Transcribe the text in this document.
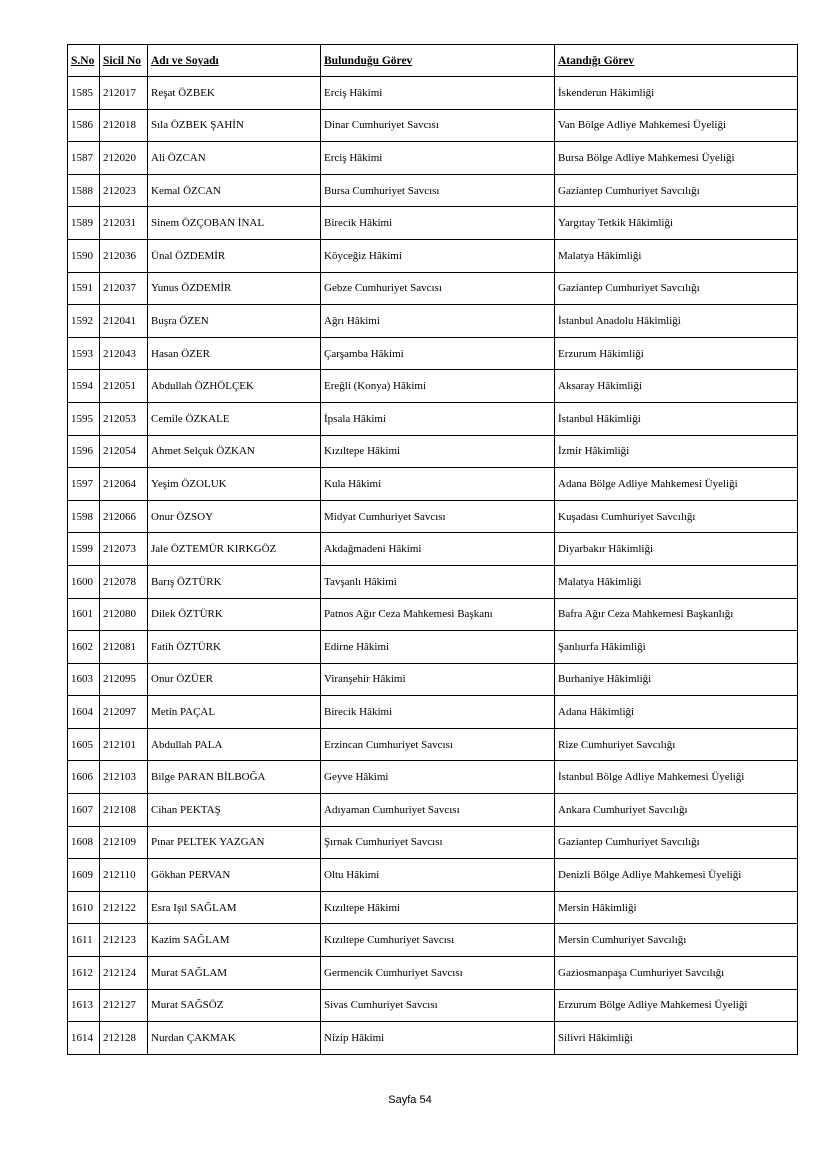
S.No	Sicil No	Adı ve Soyadı	Bulunduğu Görev	Atandığı Görev
1585	212017	Reşat ÖZBEK	Erciş Hâkimi	İskenderun Hâkimliği
1586	212018	Sıla ÖZBEK ŞAHİN	Dinar Cumhuriyet Savcısı	Van Bölge Adliye Mahkemesi Üyeliği
1587	212020	Ali ÖZCAN	Erciş Hâkimi	Bursa Bölge Adliye Mahkemesi Üyeliği
1588	212023	Kemal ÖZCAN	Bursa Cumhuriyet Savcısı	Gaziantep Cumhuriyet Savcılığı
1589	212031	Sinem ÖZÇOBAN İNAL	Birecik Hâkimi	Yargıtay Tetkik Hâkimliği
1590	212036	Ünal ÖZDEMİR	Köyceğiz Hâkimi	Malatya Hâkimliği
1591	212037	Yunus ÖZDEMİR	Gebze Cumhuriyet Savcısı	Gaziantep Cumhuriyet Savcılığı
1592	212041	Buşra ÖZEN	Ağrı Hâkimi	İstanbul Anadolu Hâkimliği
1593	212043	Hasan ÖZER	Çarşamba Hâkimi	Erzurum Hâkimliği
1594	212051	Abdullah ÖZHÖLÇEK	Ereğli (Konya) Hâkimi	Aksaray Hâkimliği
1595	212053	Cemile ÖZKALE	İpsala Hâkimi	İstanbul Hâkimliği
1596	212054	Ahmet Selçuk ÖZKAN	Kızıltepe Hâkimi	İzmir Hâkimliği
1597	212064	Yeşim ÖZOLUK	Kula Hâkimi	Adana Bölge Adliye Mahkemesi Üyeliği
1598	212066	Onur ÖZSOY	Midyat Cumhuriyet Savcısı	Kuşadası Cumhuriyet Savcılığı
1599	212073	Jale ÖZTEMÜR KIRKGÖZ	Akdağmadeni Hâkimi	Diyarbakır Hâkimliği
1600	212078	Barış ÖZTÜRK	Tavşanlı Hâkimi	Malatya Hâkimliği
1601	212080	Dilek ÖZTÜRK	Patnos Ağır Ceza Mahkemesi Başkanı	Bafra Ağır Ceza Mahkemesi Başkanlığı
1602	212081	Fatih ÖZTÜRK	Edirne Hâkimi	Şanlıurfa Hâkimliği
1603	212095	Onur ÖZÜER	Viranşehir Hâkimi	Burhaniye Hâkimliği
1604	212097	Metin PAÇAL	Birecik Hâkimi	Adana Hâkimliği
1605	212101	Abdullah PALA	Erzincan Cumhuriyet Savcısı	Rize Cumhuriyet Savcılığı
1606	212103	Bilge PARAN BİLBOĞA	Geyve Hâkimi	İstanbul Bölge Adliye Mahkemesi Üyeliği
1607	212108	Cihan PEKTAŞ	Adıyaman Cumhuriyet Savcısı	Ankara Cumhuriyet Savcılığı
1608	212109	Pınar PELTEK YAZGAN	Şırnak Cumhuriyet Savcısı	Gaziantep Cumhuriyet Savcılığı
1609	212110	Gökhan PERVAN	Oltu Hâkimi	Denizli Bölge Adliye Mahkemesi Üyeliği
1610	212122	Esra Işıl SAĞLAM	Kızıltepe Hâkimi	Mersin Hâkimliği
1611	212123	Kazim SAĞLAM	Kızıltepe Cumhuriyet Savcısı	Mersin Cumhuriyet Savcılığı
1612	212124	Murat SAĞLAM	Germencik Cumhuriyet Savcısı	Gaziosmanpaşa Cumhuriyet Savcılığı
1613	212127	Murat SAĞSÖZ	Sivas Cumhuriyet Savcısı	Erzurum Bölge Adliye Mahkemesi Üyeliği
1614	212128	Nurdan ÇAKMAK	Nizip Hâkimi	Silivri Hâkimliği
Sayfa 54
